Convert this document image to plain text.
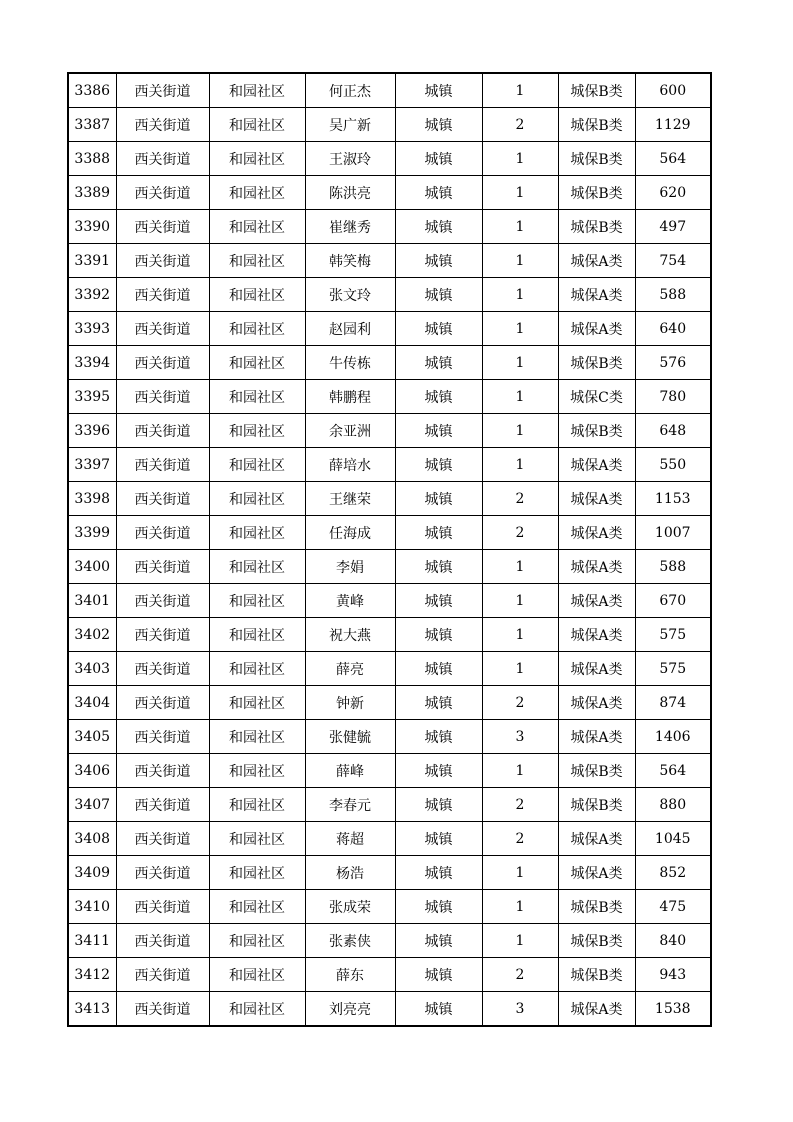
3386	西关街道	和园社区	何正杰	城镇	1	城保B类	600
3387	西关街道	和园社区	吴广新	城镇	2	城保B类	1129
3388	西关街道	和园社区	王淑玲	城镇	1	城保B类	564
3389	西关街道	和园社区	陈洪亮	城镇	1	城保B类	620
3390	西关街道	和园社区	崔继秀	城镇	1	城保B类	497
3391	西关街道	和园社区	韩笑梅	城镇	1	城保A类	754
3392	西关街道	和园社区	张文玲	城镇	1	城保A类	588
3393	西关街道	和园社区	赵园利	城镇	1	城保A类	640
3394	西关街道	和园社区	牛传栋	城镇	1	城保B类	576
3395	西关街道	和园社区	韩鹏程	城镇	1	城保C类	780
3396	西关街道	和园社区	余亚洲	城镇	1	城保B类	648
3397	西关街道	和园社区	薛培水	城镇	1	城保A类	550
3398	西关街道	和园社区	王继荣	城镇	2	城保A类	1153
3399	西关街道	和园社区	任海成	城镇	2	城保A类	1007
3400	西关街道	和园社区	李娟	城镇	1	城保A类	588
3401	西关街道	和园社区	黄峰	城镇	1	城保A类	670
3402	西关街道	和园社区	祝大燕	城镇	1	城保A类	575
3403	西关街道	和园社区	薛亮	城镇	1	城保A类	575
3404	西关街道	和园社区	钟新	城镇	2	城保A类	874
3405	西关街道	和园社区	张健毓	城镇	3	城保A类	1406
3406	西关街道	和园社区	薛峰	城镇	1	城保B类	564
3407	西关街道	和园社区	李春元	城镇	2	城保B类	880
3408	西关街道	和园社区	蒋超	城镇	2	城保A类	1045
3409	西关街道	和园社区	杨浩	城镇	1	城保A类	852
3410	西关街道	和园社区	张成荣	城镇	1	城保B类	475
3411	西关街道	和园社区	张素侠	城镇	1	城保B类	840
3412	西关街道	和园社区	薛东	城镇	2	城保B类	943
3413	西关街道	和园社区	刘亮亮	城镇	3	城保A类	1538
